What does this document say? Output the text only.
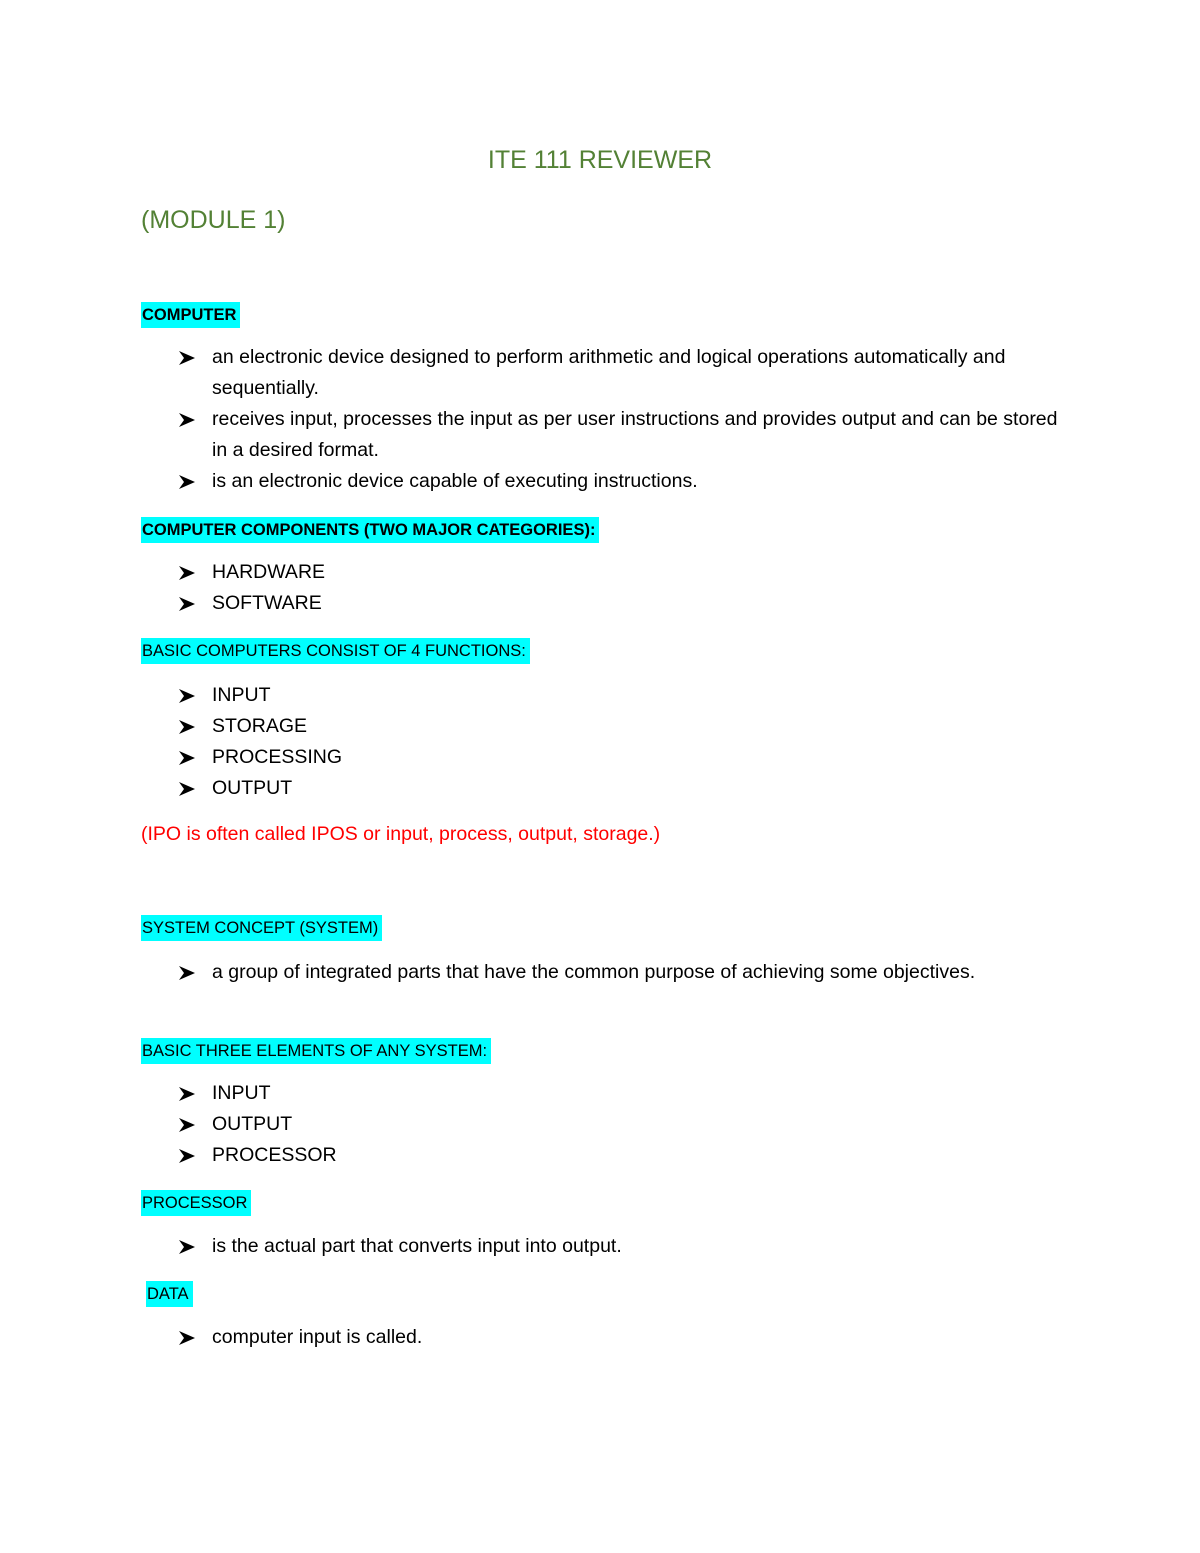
ITE 111 REVIEWER
(MODULE 1)
COMPUTER
an electronic device designed to perform arithmetic and logical operations automatically and sequentially.
receives input, processes the input as per user instructions and provides output and can be stored in a desired format.
is an electronic device capable of executing instructions.
COMPUTER COMPONENTS (TWO MAJOR CATEGORIES):
HARDWARE
SOFTWARE
BASIC COMPUTERS CONSIST OF 4 FUNCTIONS:
INPUT
STORAGE
PROCESSING
OUTPUT
(IPO is often called IPOS or input, process, output, storage.)
SYSTEM CONCEPT (SYSTEM)
a group of integrated parts that have the common purpose of achieving some objectives.
BASIC THREE ELEMENTS OF ANY SYSTEM:
INPUT
OUTPUT
PROCESSOR
PROCESSOR
is the actual part that converts input into output.
DATA
computer input is called.
